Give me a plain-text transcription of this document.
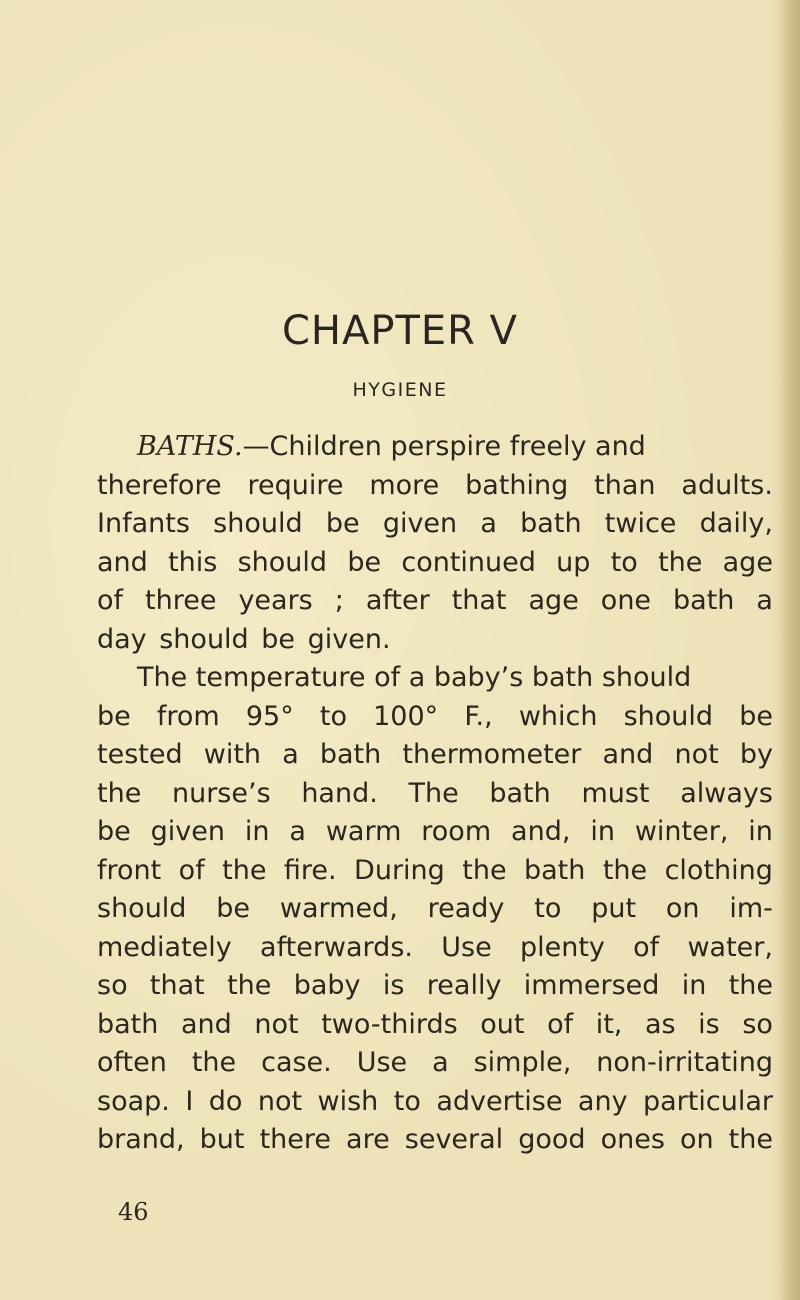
CHAPTER V
HYGIENE
BATHS.—Children perspire freely and
therefore require more bathing than adults.
Infants should be given a bath twice daily,
and this should be continued up to the age
of three years ; after that age one bath a
day should be given.
The temperature of a baby’s bath should
be from 95° to 100° F., which should be
tested with a bath thermometer and not by
the nurse’s hand. The bath must always
be given in a warm room and, in winter, in
front of the fire. During the bath the clothing
should be warmed, ready to put on im-
mediately afterwards. Use plenty of water,
so that the baby is really immersed in the
bath and not two-thirds out of it, as is so
often the case. Use a simple, non-irritating
soap. I do not wish to advertise any particular
brand, but there are several good ones on the
46
